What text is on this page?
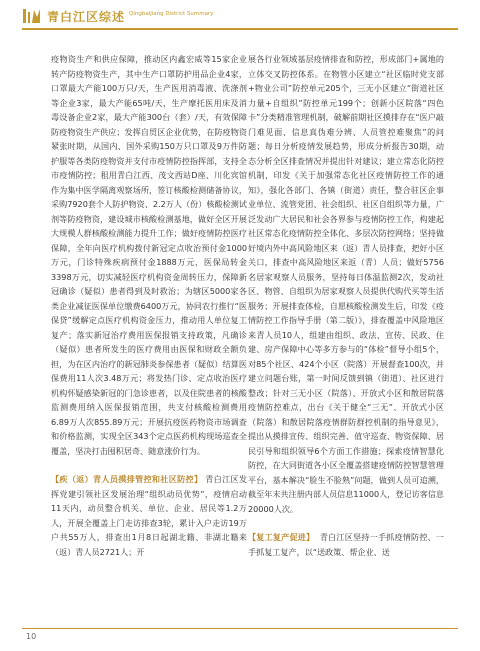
青白江区综述 Qingbaijiang District Summary

疫物资生产和供应保障，推动区内鑫宏威等15家企业转产防疫物资生产，其中生产口罩防护用品企业4家，口罩最大产能100万只/天，生产医用消毒液、洗涤剂等企业3家，最大产能65吨/天，生产摩托医用床及消毒设备企业2家，最大产能300台（套）/天，有效保障防疫物资生产供应；发挥自贸区企业优势，在防疫物资紧张时期，从国内、国外采购150万只口罩及9万件防护服等各类防疫物资并支付市疫情防控指挥部，支持全市疫情防控；租用青白江西、茂文西站D座、川化宾馆作为集中医学隔离观察场所，签订核酸检测储备协议，采购7920套个人防护物资、2.2万人（份）核酸检测试剂等防疫物资，建设城市核酸检测基地，做好全区开展大规模人群核酸检测能力提升工作；做好疫情防控医疗保障，全年向医疗机构拨付新冠定点收治预付金1000万元，门诊特殊疾病预付金1888万元，医保局转金3398万元，切实减轻医疗机构资金周转压力，保障新冠确诊（疑似）患者得到及时救治；为辖区5000家各类企业减征医保单位缴费6400万元，协同农行推行“医保贷”缓解定点医疗机构资金压力，推动用人单位复工复产；落实新冠治疗费用医保报销支持政策，凡确诊（疑似）患者所发生的医疗费用由医保和财政全额负担，为在区内治疗的新冠肺炎参保患者（疑似）结算医保费用11人次3.48万元；将发热门诊、定点收治医疗机构怀疑感染新冠的门急诊患者，以及住院患者的核酸监测费用纳入医保报销范围，共支付核酸检测费用6.89万人次855.89万元；开展抗疫医药物资市场调查和价格监测，实现全区343个定点医药机构现场巡查全覆盖，坚决打击囤积居奇、随意涨价行为。

【疾（返）青人员摸排管控和社区防控】 青白江区发挥党建引领社区发展治理“组织动员优势”，疫情启动11天内，动员整合机关、单位、企业、居民等1.2万人，开展全覆盖上门走访排查3轮，累计入户走访19万户共55万人，排查出1月8日起湖北籍、非湖北籍来（返）青人员2721人；开

展各行业领域基层疫情排查和防控，形成部门+属地的立体交叉防控体系。在物管小区建立“社区临时党支部+物业公司”防控单元205个，三无小区建立“街道社区力量+自组织”防控单元199个；创新小区院落“四色卡”分类精准管理机制，破解前期社区摸排存在“医户敲门难见面、信息真伪难分辨、人员管控难聚焦”的问题；每日分析疫情发展趋势，形成分析报告30期，动态分析全区排查情况并提出针对建议；建立常态化防控机制，印发《关于加强常态化社区疫情防控工作的通知》，强化各部门、各镇（街道）责任，整合驻区企事业单位、流管党团、社会组织、社区自组织等力量，广泛发动广大居民和社会各界参与疫情防控工作，构建起社区常态化疫情防控全体化、多层次防控网络；坚持做好境内外中高风险地区来（返）青人员排查，把好小区关口，排查中高风险地区来返（青）人员；做好5756名居家观察人员服务，坚持每日体温监测2次，发动社区、物管、自组织为居家观察人员提供代购代买等生活服务；开展排查体检，自愿核酸检测发生后，印发《疫情防控工作指导手册（第二版）》，排查覆盖中风险地区来青人员10人，组建由组织、政法、宣传、民政、住建、房产保障中心等多方参与的“体检”督导小组5个，对85个社区、424个小区（院落）开展督查100次，并建立问题台账，第一时间反馈到镇（街道）、社区进行整改；针对三无小区（院落）、开放式小区和散居院落疫情防控难点，出台《关于健全“三无”、开放式小区（院落）和散居院落疫情群防群控机制的指导意见》，提出从摸排宣传、组织完善、值守巡查、物资保障、居民引导和组织领导6个方面工作措施；探索疫情智慧化防控，在大同街道各小区全覆盖搭建疫情防控智慧管理平台，基本解决“脸生不脸熟”问题，做到人员可追溯，截至年末共注册内部人员信息11000人，登记访客信息20000人次。

【复工复产促进】 青白江区坚持一手抓疫情防控、一手抓复工复产，以“送政策、帮企业、送

10
